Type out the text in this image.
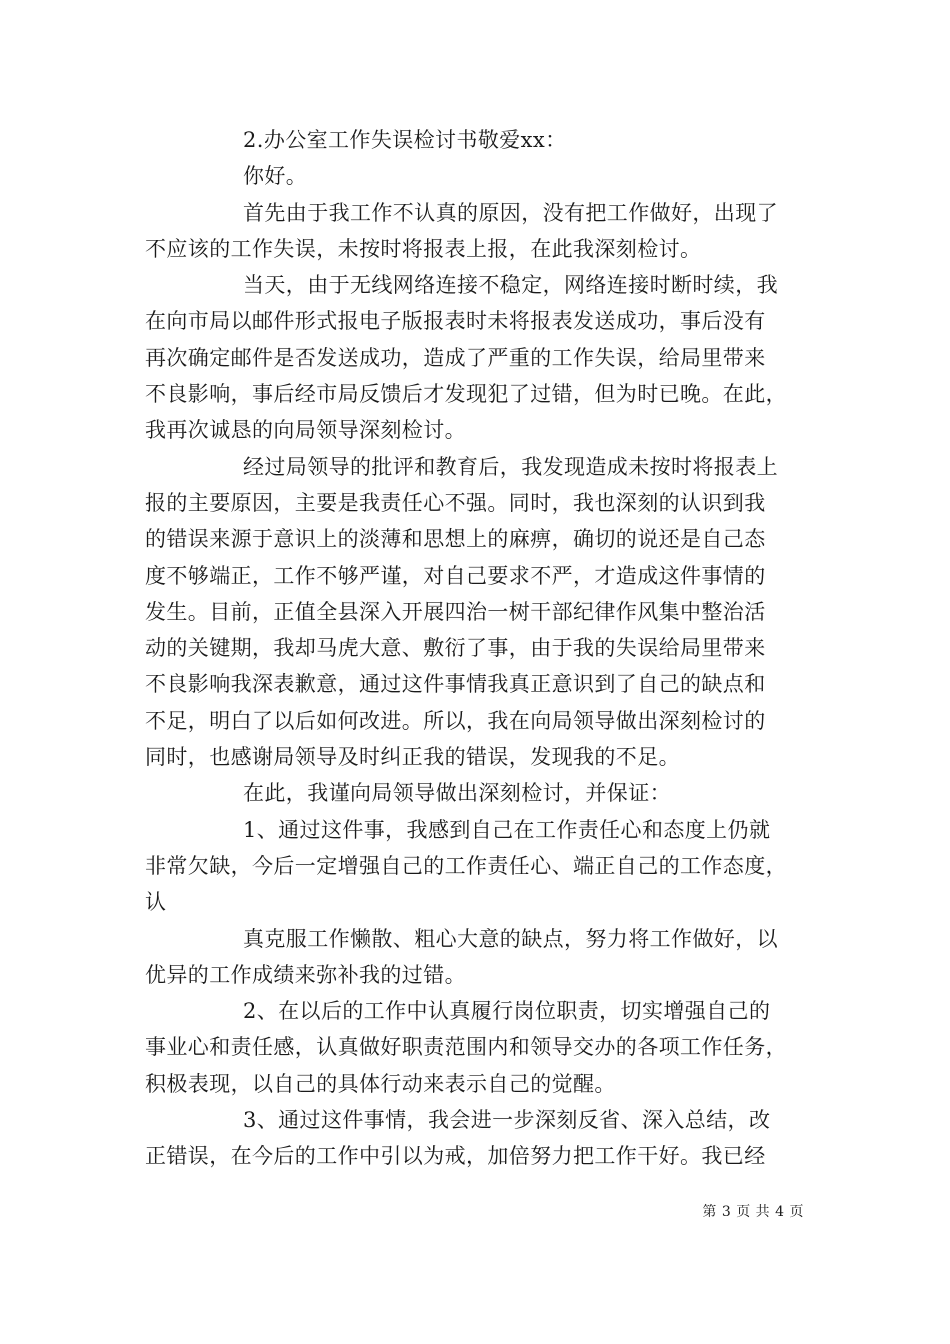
2.办公室工作失误检讨书敬爱xx：
你好。
首先由于我工作不认真的原因，没有把工作做好，出现了
不应该的工作失误，未按时将报表上报，在此我深刻检讨。
当天，由于无线网络连接不稳定，网络连接时断时续，我
在向市局以邮件形式报电子版报表时未将报表发送成功，事后没有
再次确定邮件是否发送成功，造成了严重的工作失误，给局里带来
不良影响，事后经市局反馈后才发现犯了过错，但为时已晚。在此，
我再次诚恳的向局领导深刻检讨。
经过局领导的批评和教育后，我发现造成未按时将报表上
报的主要原因，主要是我责任心不强。同时，我也深刻的认识到我
的错误来源于意识上的淡薄和思想上的麻痹，确切的说还是自己态
度不够端正，工作不够严谨，对自己要求不严，才造成这件事情的
发生。目前，正值全县深入开展四治一树干部纪律作风集中整治活
动的关键期，我却马虎大意、敷衍了事，由于我的失误给局里带来
不良影响我深表歉意，通过这件事情我真正意识到了自己的缺点和
不足，明白了以后如何改进。所以，我在向局领导做出深刻检讨的
同时，也感谢局领导及时纠正我的错误，发现我的不足。
在此，我谨向局领导做出深刻检讨，并保证：
1、通过这件事，我感到自己在工作责任心和态度上仍就
非常欠缺，今后一定增强自己的工作责任心、端正自己的工作态度，
认
真克服工作懒散、粗心大意的缺点，努力将工作做好，以
优异的工作成绩来弥补我的过错。
2、在以后的工作中认真履行岗位职责，切实增强自己的
事业心和责任感，认真做好职责范围内和领导交办的各项工作任务，
积极表现，以自己的具体行动来表示自己的觉醒。
3、通过这件事情，我会进一步深刻反省、深入总结，改
正错误，在今后的工作中引以为戒，加倍努力把工作干好。我已经
第 3 页 共 4 页
